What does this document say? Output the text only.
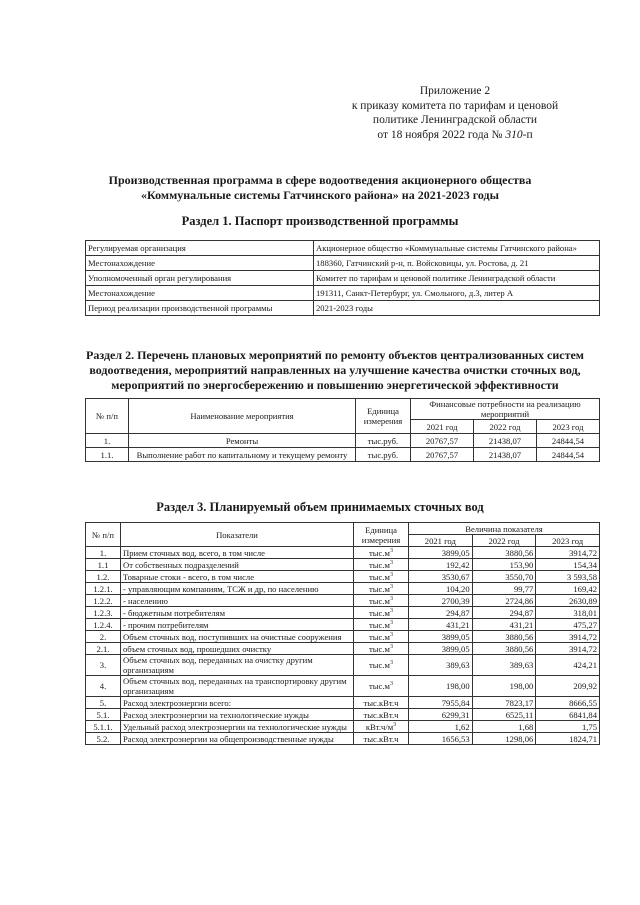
Приложение 2
к приказу комитета по тарифам и ценовой
политике Ленинградской области
от 18 ноября 2022 года № 310-п
Производственная программа в сфере водоотведения акционерного общества
«Коммунальные системы Гатчинского района» на 2021-2023 годы
Раздел 1. Паспорт производственной программы
Регулируемая организация	Акционерное общество «Коммунальные системы Гатчинского района»
Местонахождение	188360, Гатчинский р-н, п. Войсковицы, ул. Ростова, д. 21
Уполномоченный орган регулирования	Комитет по тарифам и ценовой политике Ленинградской области
Местонахождение	191311, Санкт-Петербург, ул. Смольного, д.3, литер А
Период реализации производственной программы	2021-2023 годы
Раздел 2. Перечень плановых мероприятий по ремонту объектов централизованных систем водоотведения, мероприятий направленных на улучшение качества очистки сточных вод, мероприятий по энергосбережению и повышению энергетической эффективности
№ п/п	Наименование мероприятия	Единица измерения	Финансовые потребности на реализацию мероприятий		
			2021 год	2022 год	2023 год
1.	Ремонты	тыс.руб.	20767,57	21438,07	24844,54
1.1.	Выполнение работ по капитальному и текущему ремонту	тыс.руб.	20767,57	21438,07	24844,54
Раздел 3. Планируемый объем принимаемых сточных вод
№ п/п	Показатели	Единица измерения	Величина показателя		
			2021 год	2022 год	2023 год
1.	Прием сточных вод, всего, в том числе	$тыс.м^3$	3899,05	3880,56	3914,72
1.1	От собственных подразделений	$тыс.м^3$	192,42	153,90	154,34
1.2.	Товарные стоки - всего, в том числе	$тыс.м^3$	3530,67	3550,70	3 593,58
1.2.1.	- управляющим компаниям, ТСЖ и др, по населению	$тыс.м^3$	104,20	99,77	169,42
1.2.2.	- населению	$тыс.м^3$	2700,39	2724,86	2630,89
1.2.3.	- бюджетным потребителям	$тыс.м^3$	294,87	294,87	318,01
1.2.4.	- прочим потребителям	$тыс.м^3$	431,21	431,21	475,27
2.	Объем сточных вод, поступивших на очистные сооружения	$тыс.м^3$	3899,05	3880,56	3914,72
2.1.	объем сточных вод, прошедших очистку	$тыс.м^3$	3899,05	3880,56	3914,72
3.	Объем сточных вод, переданных на очистку другим организациям	$тыс.м^3$	389,63	389,63	424,21
4.	Объем сточных вод, переданных на транспортировку другим организациям	$тыс.м^3$	198,00	198,00	209,92
5.	Расход электроэнергии всего:	тыс.кВт.ч	7955,84	7823,17	8666,55
5.1.	Расход электроэнергии на технологические нужды	тыс.кВт.ч	6299,31	6525,11	6841,84
5.1.1.	Удельный расход электроэнергии на технологические нужды	$кВт.ч/м^3$	1,62	1,68	1,75
5.2.	Расход электроэнергии на общепроизводственные нужды	тыс.кВт.ч	1656,53	1298,06	1824,71
